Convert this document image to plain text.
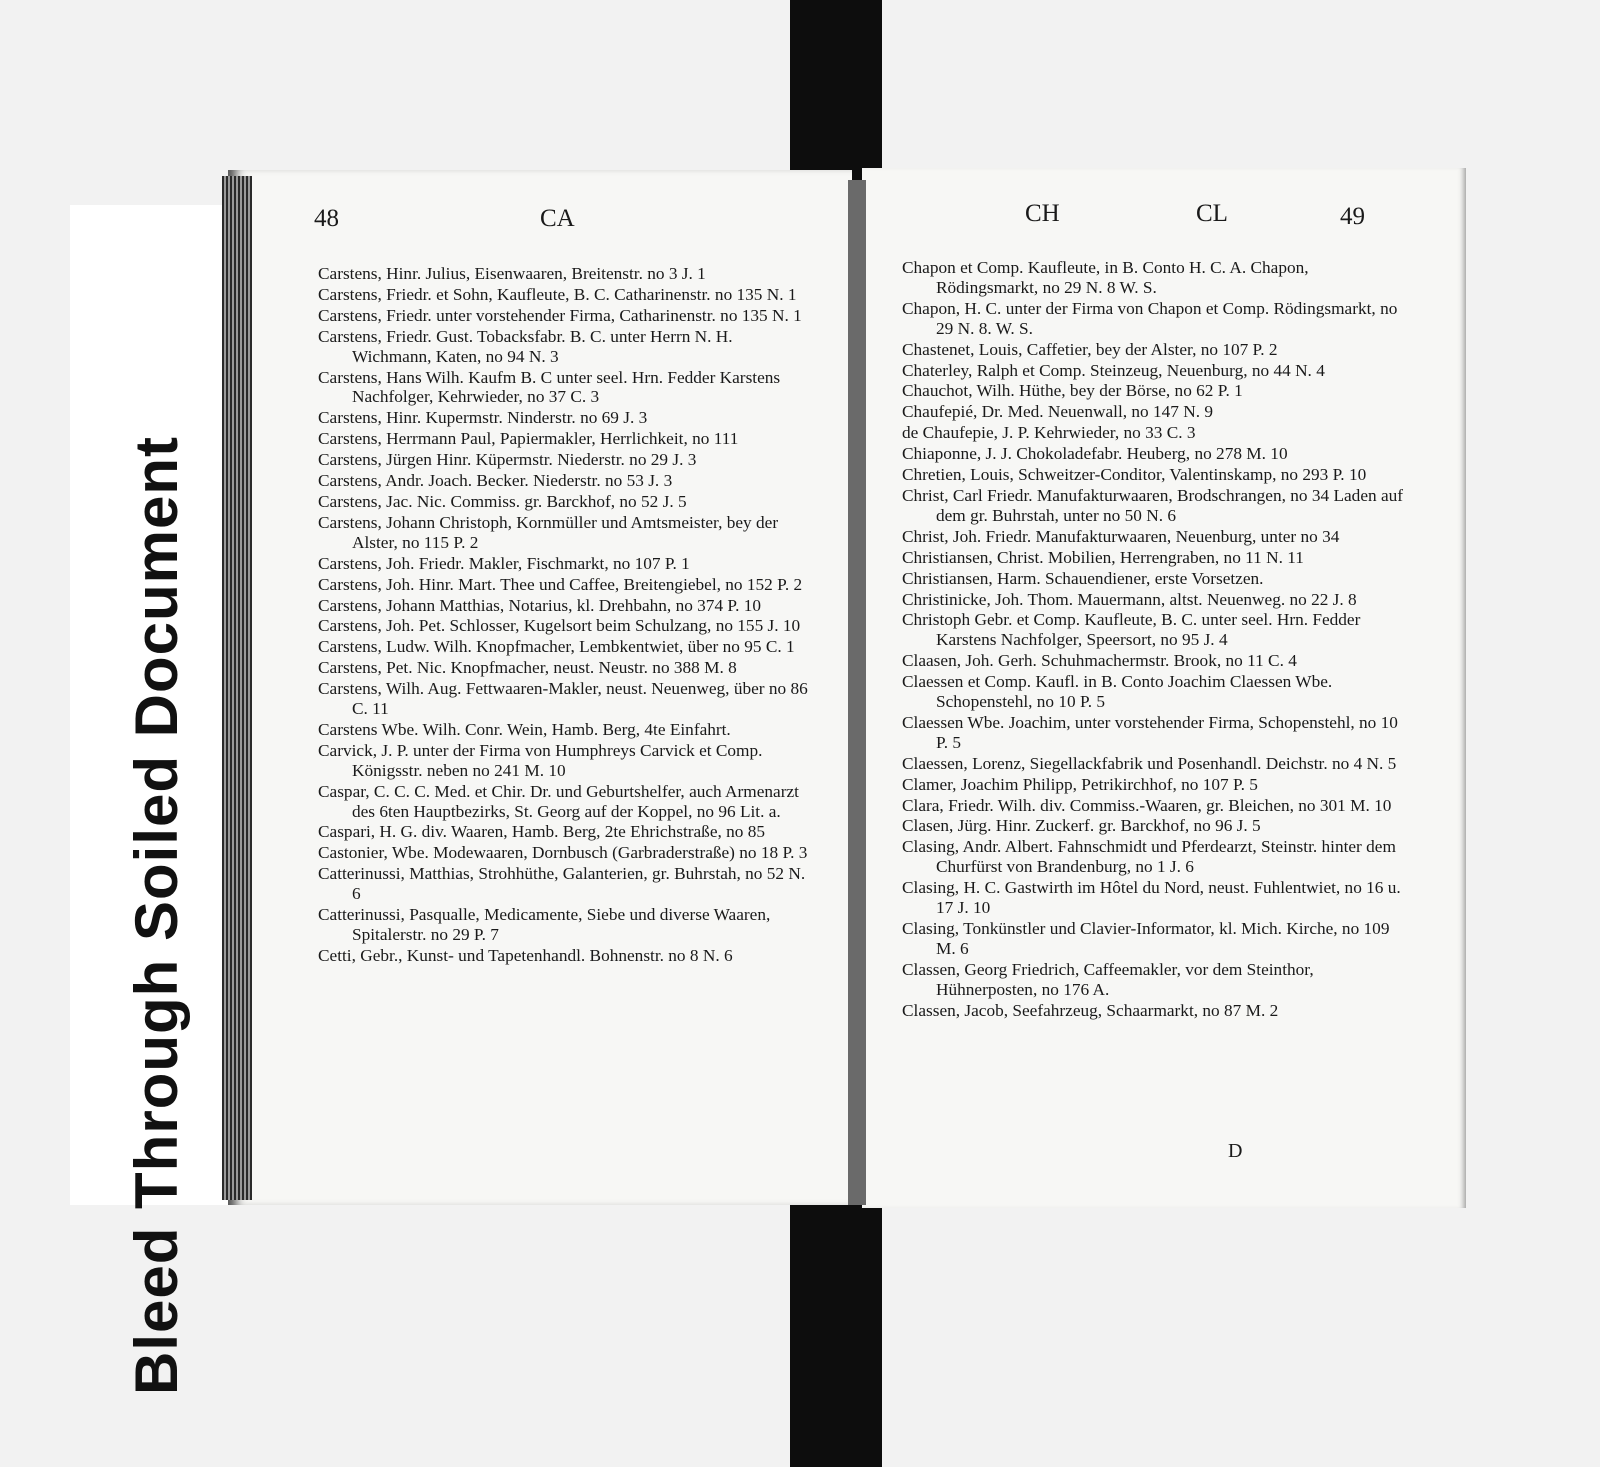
Bleed Through Soiled Document
48	CA	CH	CL	49
Carstens, Hinr. Julius, Eisenwaaren, Breitenstr. no 3 J. 1
Carstens, Friedr. et Sohn, Kaufleute, B. C. Catharinenstr. no 135 N. 1
Carstens, Friedr. unter vorstehender Firma, Catharinenstr. no 135 N. 1
Carstens, Friedr. Gust. Tobacksfabr. B. C. unter Herrn N. H. Wichmann, Katen, no 94 N. 3
Carstens, Hans Wilh. Kaufm B. C unter seel. Hrn. Fedder Karstens Nachfolger, Kehrwieder, no 37 C. 3
Carstens, Hinr. Kupermstr. Ninderstr. no 69 J. 3
Carstens, Herrmann Paul, Papiermakler, Herrlichkeit, no 111
Carstens, Jürgen Hinr. Küpermstr. Niederstr. no 29 J. 3
Carstens, Andr. Joach. Becker. Niederstr. no 53 J. 3
Carstens, Jac. Nic. Commiss. gr. Barckhof, no 52 J. 5
Carstens, Johann Christoph, Kornmüller und Amtsmeister, bey der Alster, no 115 P. 2
Carstens, Joh. Friedr. Makler, Fischmarkt, no 107 P. 1
Carstens, Joh. Hinr. Mart. Thee und Caffee, Breitengiebel, no 152 P. 2
Carstens, Johann Matthias, Notarius, kl. Drehbahn, no 374 P. 10
Carstens, Joh. Pet. Schlosser, Kugelsort beim Schulzang, no 155 J. 10
Carstens, Ludw. Wilh. Knopfmacher, Lembkentwiet, über no 95 C. 1
Carstens, Pet. Nic. Knopfmacher, neust. Neustr. no 388 M. 8
Carstens, Wilh. Aug. Fettwaaren-Makler, neust. Neuenweg, über no 86 C. 11
Carstens Wbe. Wilh. Conr. Wein, Hamb. Berg, 4te Einfahrt.
Carvick, J. P. unter der Firma von Humphreys Carvick et Comp. Königsstr. neben no 241 M. 10
Caspar, C. C. C. Med. et Chir. Dr. und Geburtshelfer, auch Armenarzt des 6ten Hauptbezirks, St. Georg auf der Koppel, no 96 Lit. a.
Caspari, H. G. div. Waaren, Hamb. Berg, 2te Ehrichstraße, no 85
Castonier, Wbe. Modewaaren, Dornbusch (Garbraderstraße) no 18 P. 3
Catterinussi, Matthias, Strohhüthe, Galanterien, gr. Buhrstah, no 52 N. 6
Catterinussi, Pasqualle, Medicamente, Siebe und diverse Waaren, Spitalerstr. no 29 P. 7
Cetti, Gebr., Kunst- und Tapetenhandl. Bohnenstr. no 8 N. 6
Chapon et Comp. Kaufleute, in B. Conto H. C. A. Chapon, Rödingsmarkt, no 29 N. 8 W. S.
Chapon, H. C. unter der Firma von Chapon et Comp. Rödingsmarkt, no 29 N. 8. W. S.
Chastenet, Louis, Caffetier, bey der Alster, no 107 P. 2
Chaterley, Ralph et Comp. Steinzeug, Neuenburg, no 44 N. 4
Chauchot, Wilh. Hüthe, bey der Börse, no 62 P. 1
Chaufepié, Dr. Med. Neuenwall, no 147 N. 9
de Chaufepie, J. P. Kehrwieder, no 33 C. 3
Chiaponne, J. J. Chokoladefabr. Heuberg, no 278 M. 10
Chretien, Louis, Schweitzer-Conditor, Valentinskamp, no 293 P. 10
Christ, Carl Friedr. Manufakturwaaren, Brodschrangen, no 34 Laden auf dem gr. Buhrstah, unter no 50 N. 6
Christ, Joh. Friedr. Manufakturwaaren, Neuenburg, unter no 34
Christiansen, Christ. Mobilien, Herrengraben, no 11 N. 11
Christiansen, Harm. Schauendiener, erste Vorsetzen.
Christinicke, Joh. Thom. Mauermann, altst. Neuenweg. no 22 J. 8
Christoph Gebr. et Comp. Kaufleute, B. C. unter seel. Hrn. Fedder Karstens Nachfolger, Speersort, no 95 J. 4
Claasen, Joh. Gerh. Schuhmachermstr. Brook, no 11 C. 4
Claessen et Comp. Kaufl. in B. Conto Joachim Claessen Wbe. Schopenstehl, no 10 P. 5
Claessen Wbe. Joachim, unter vorstehender Firma, Schopenstehl, no 10 P. 5
Claessen, Lorenz, Siegellackfabrik und Posenhandl. Deichstr. no 4 N. 5
Clamer, Joachim Philipp, Petrikirchhof, no 107 P. 5
Clara, Friedr. Wilh. div. Commiss.-Waaren, gr. Bleichen, no 301 M. 10
Clasen, Jürg. Hinr. Zuckerf. gr. Barckhof, no 96 J. 5
Clasing, Andr. Albert. Fahnschmidt und Pferdearzt, Steinstr. hinter dem Churfürst von Brandenburg, no 1 J. 6
Clasing, H. C. Gastwirth im Hôtel du Nord, neust. Fuhlentwiet, no 16 u. 17 J. 10
Clasing, Tonkünstler und Clavier-Informator, kl. Mich. Kirche, no 109 M. 6
Classen, Georg Friedrich, Caffeemakler, vor dem Steinthor, Hühnerposten, no 176 A.
Classen, Jacob, Seefahrzeug, Schaarmarkt, no 87 M. 2
D
